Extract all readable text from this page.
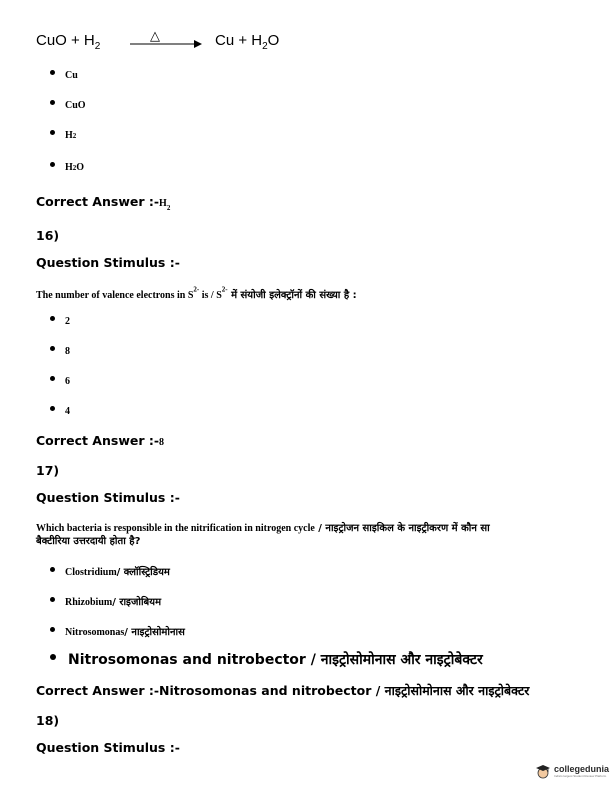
CuO + $H_2$
△	$Cu + H_2O$
Cu
CuO
H 2
H 2 O
Correct Answer $:-H_2$
16)
Question Stimulus :-
The number of valence electrons in $S^{2-}$ is / $S^{2-}$ में संयोजी इलेक्ट्रॉनों की संख्या है :
2
8
6
4
Correct Answer :-8
17)
Question Stimulus :-
Which bacteria is responsible in the nitrification in nitrogen cycle / नाइट्रोजन साइकिल के नाइट्रीकरण में कौन सा
बैक्टीरिया उत्तरदायी होता है?
Clostridium / क्लॉस्ट्रिडियम
Rhizobium / राइजोबियम
Nitrosomonas / नाइट्रोसोमोनास
Nitrosomonas and nitrobector / नाइट्रोसोमोनास और नाइट्रोबेक्टर
Correct Answer :-Nitrosomonas and nitrobector / नाइट्रोसोमोनास और नाइट्रोबेक्टर
18)
Question Stimulus :-
collegedunia
India's largest Student Review Platform
